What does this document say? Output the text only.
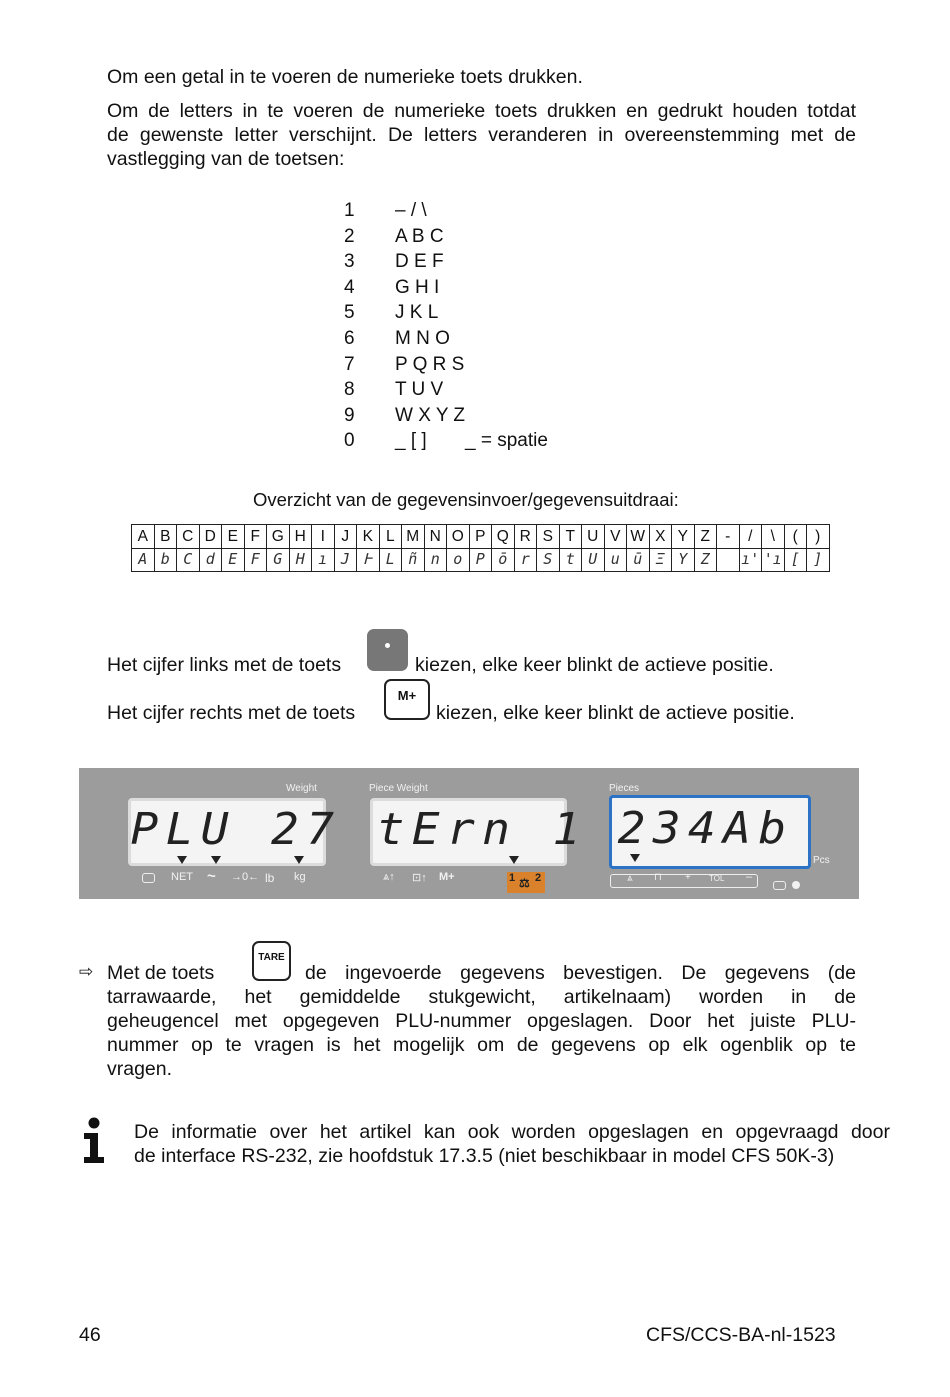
Om een getal in te voeren de numerieke toets drukken.
Om de letters in te voeren de numerieke toets drukken en gedrukt houden totdat
de gewenste letter verschijnt. De letters veranderen in overeenstemming met de
vastlegging van de toetsen:
1 – / \
2 A B C
3 D E F
4 G H I
5 J K L
6 M N O
7 P Q R S
8 T U V
9 W X Y Z
0 _ [ ] _ = spatie
Overzicht van de gegevensinvoer/gegevensuitdraai:
A	B	C	D	E	F	G	H	I	J	K	L	M	N	O	P	Q	R	S	T	U	V	W	X	Y	Z	-	/	\	(	)
A	b	C	d	E	F	G	H	ı	J	Ͱ	L	ñ	n	o	P	ō	r	S	t	U	u	ū	Ξ	Y	Z		ı'	'ı	[	]
Het cijfer links met de toets	kiezen, elke keer blinkt de actieve positie.
Het cijfer rechts met de toets
M+
kiezen, elke keer blinkt de actieve positie.
Weight	Piece Weight	Pieces
PLU 27 tErn 1 234Ab
Pcs
NET ~ →0← lb kg	⩓↑ ⊡↑ M+	1 ⚖ 2	⩓ ⊓ + TOL –
⇨ Met de toets
TARE
de ingevoerde gegevens bevestigen. De gegevens (de
tarrawaarde, het gemiddelde stukgewicht, artikelnaam) worden in de
geheugencel met opgegeven PLU-nummer opgeslagen. Door het juiste PLU-
nummer op te vragen is het mogelijk om de gegevens op elk ogenblik op te
vragen.
De informatie over het artikel kan ook worden opgeslagen en opgevraagd door
de interface RS-232, zie hoofdstuk 17.3.5 (niet beschikbaar in model CFS 50K-3)
46	CFS/CCS-BA-nl-1523
